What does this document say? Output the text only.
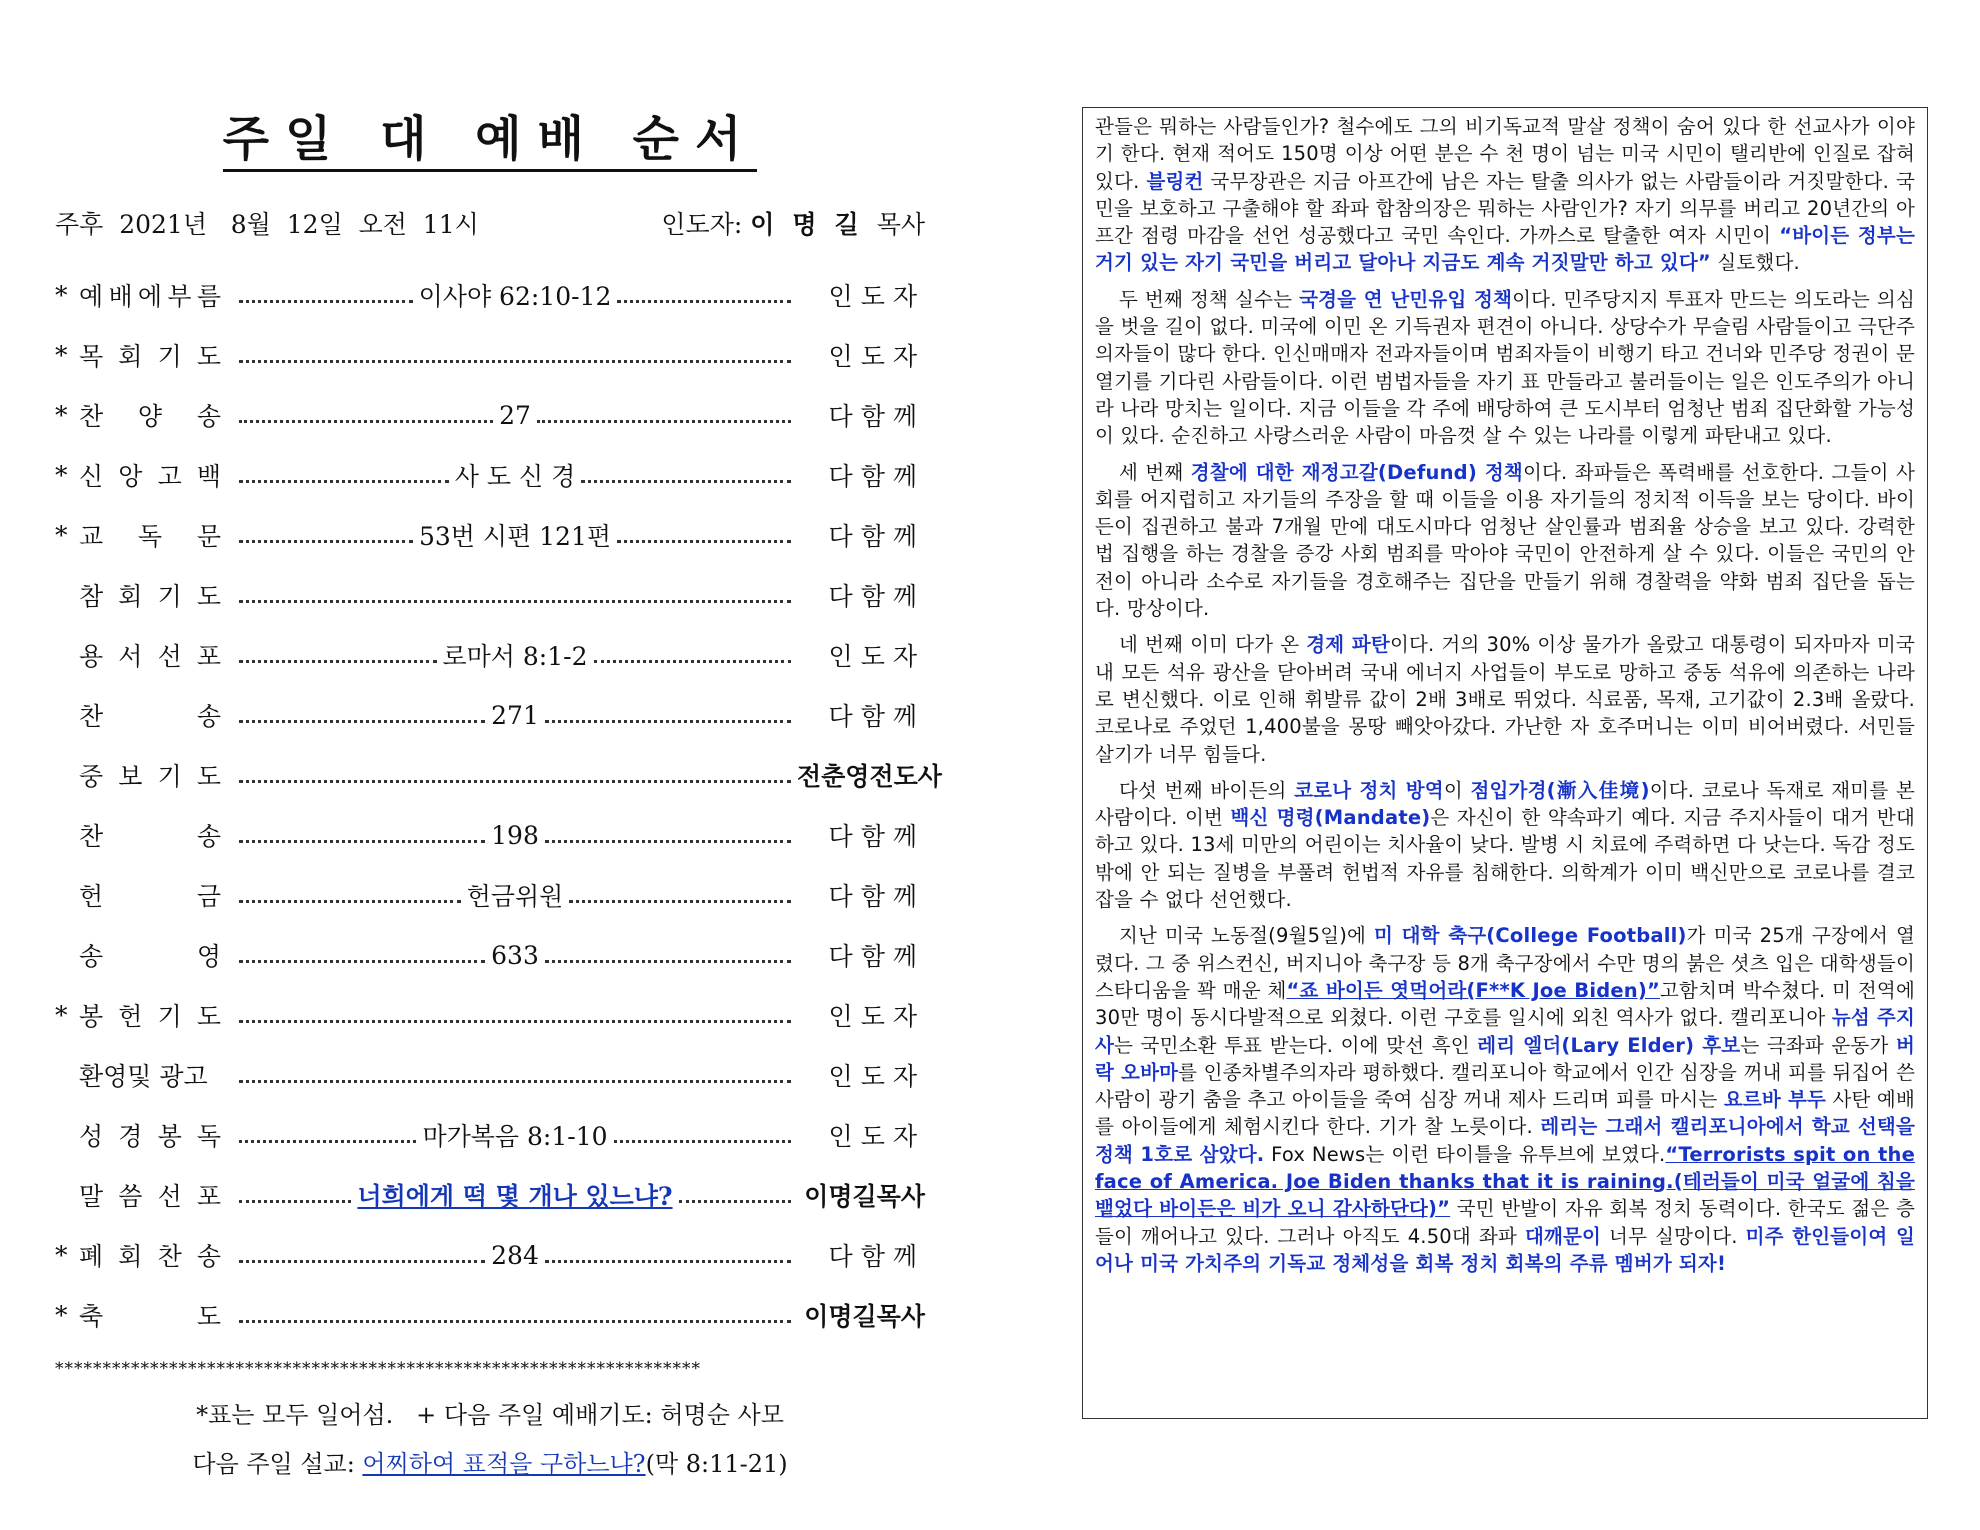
주일 대 예배 순서
주후  2021년   8월  12일  오전  11시	인도자: 이명길목사
* 예 배 에 부 름	이사야 62:10-12	인도자
* 목 회 기 도	인도자
* 찬 양 송	27	다함께
* 신 앙 고 백	사 도 신 경	다함께
* 교 독 문	53번 시편 121편	다함께
참 회 기 도	다함께
용 서 선 포	로마서 8:1-2	인도자
찬	송	271	다함께
중 보 기 도	전춘영전도사
찬	송	198	다함께
헌	금	헌금위원	다함께
송	영	633	다함께
* 봉 헌 기 도	인도자
환영및 광고	인도자
성 경 봉 독	마가복음 8:1-10	인도자
말 씀 선 포	너희에게 떡 몇 개나 있느냐?	이명길목사
* 폐 회 찬 송	284	다함께
* 축	도	이명길목사
********************************************************************
*표는 모두 일어섬.   + 다음 주일 예배기도: 허명순 사모
다음 주일 설교: 어찌하여 표적을 구하느냐?(막 8:11-21)

관들은 뭐하는 사람들인가? 철수에도 그의 비기독교적 말살 정책이 숨어 있다 한 선교사가 이야기 한다. 현재 적어도 150명 이상 어떤 분은 수 천 명이 넘는 미국 시민이 탤리반에 인질로 잡혀있다. 블링컨 국무장관은 지금 아프간에 남은 자는 탈출 의사가 없는 사람들이라 거짓말한다. 국민을 보호하고 구출해야 할 좌파 합참의장은 뭐하는 사람인가? 자기 의무를 버리고 20년간의 아프간 점령 마감을 선언 성공했다고 국민 속인다. 가까스로 탈출한 여자 시민이 “바이든 정부는 거기 있는 자기 국민을 버리고 달아나 지금도 계속 거짓말만 하고 있다” 실토했다.

두 번째 정책 실수는 국경을 연 난민유입 정책이다. 민주당지지 투표자 만드는 의도라는 의심을 벗을 길이 없다. 미국에 이민 온 기득권자 편견이 아니다. 상당수가 무슬림 사람들이고 극단주의자들이 많다 한다. 인신매매자 전과자들이며 범죄자들이 비행기 타고 건너와 민주당 정권이 문 열기를 기다린 사람들이다. 이런 범법자들을 자기 표 만들라고 불러들이는 일은 인도주의가 아니라 나라 망치는 일이다. 지금 이들을 각 주에 배당하여 큰 도시부터 엄청난 범죄 집단화할 가능성이 있다. 순진하고 사랑스러운 사람이 마음껏 살 수 있는 나라를 이렇게 파탄내고 있다.

세 번째 경찰에 대한 재정고갈(Defund) 정책이다. 좌파들은 폭력배를 선호한다. 그들이 사회를 어지럽히고 자기들의 주장을 할 때 이들을 이용 자기들의 정치적 이득을 보는 당이다. 바이든이 집권하고 불과 7개월 만에 대도시마다 엄청난 살인률과 범죄율 상승을 보고 있다. 강력한 법 집행을 하는 경찰을 증강 사회 범죄를 막아야 국민이 안전하게 살 수 있다. 이들은 국민의 안전이 아니라 소수로 자기들을 경호해주는 집단을 만들기 위해 경찰력을 약화 범죄 집단을 돕는다. 망상이다.

네 번째 이미 다가 온 경제 파탄이다. 거의 30% 이상 물가가 올랐고 대통령이 되자마자 미국 내 모든 석유 광산을 닫아버려 국내 에너지 사업들이 부도로 망하고 중동 석유에 의존하는 나라로 변신했다. 이로 인해 휘발류 값이 2배 3배로 뛰었다. 식료품, 목재, 고기값이 2.3배 올랐다. 코로나로 주었던 1,400불을 몽땅 빼앗아갔다. 가난한 자 호주머니는 이미 비어버렸다. 서민들 살기가 너무 힘들다.

다섯 번째 바이든의 코로나 정치 방역이 점입가경(漸入佳境)이다. 코로나 독재로 재미를 본 사람이다. 이번 백신 명령(Mandate)은 자신이 한 약속파기 예다. 지금 주지사들이 대거 반대하고 있다. 13세 미만의 어린이는 치사율이 낮다. 발병 시 치료에 주력하면 다 낫는다. 독감 정도밖에 안 되는 질병을 부풀려 헌법적 자유를 침해한다. 의학계가 이미 백신만으로 코로나를 결코 잡을 수 없다 선언했다.

지난 미국 노동절(9월5일)에 미 대학 축구(College Football)가 미국 25개 구장에서 열렸다. 그 중 위스컨신, 버지니아 축구장 등 8개 축구장에서 수만 명의 붉은 셧츠 입은 대학생들이 스타디움을 꽉 매운 체“죠 바이든 엿먹어라(F**K Joe Biden)”고함치며 박수쳤다. 미 전역에 30만 명이 동시다발적으로 외쳤다. 이런 구호를 일시에 외친 역사가 없다. 캘리포니아 뉴섬 주지사는 국민소환 투표 받는다. 이에 맞선 흑인 레리 엘더(Lary Elder) 후보는 극좌파 운동가 버락 오바마를 인종차별주의자라 평하했다. 캘리포니아 학교에서 인간 심장을 꺼내 피를 뒤집어 쓴 사람이 광기 춤을 추고 아이들을 죽여 심장 꺼내 제사 드리며 피를 마시는 요르바 부두 사탄 예배를 아이들에게 체험시킨다 한다. 기가 찰 노릇이다. 레리는 그래서 캘리포니아에서 학교 선택을 정책 1호로 삼았다. Fox News는 이런 타이틀을 유투브에 보였다.“Terrorists spit on the face of America. Joe Biden thanks that it is raining.(테러들이 미국 얼굴에 침을 뱉었다 바이든은 비가 오니 감사하단다)” 국민 반발이 자유 회복 정치 동력이다. 한국도 젊은 층들이 깨어나고 있다. 그러나 아직도 4.50대 좌파 대깨문이 너무 실망이다. 미주 한인들이여 일어나 미국 가치주의 기독교 정체성을 회복 정치 회복의 주류 멤버가 되자!
